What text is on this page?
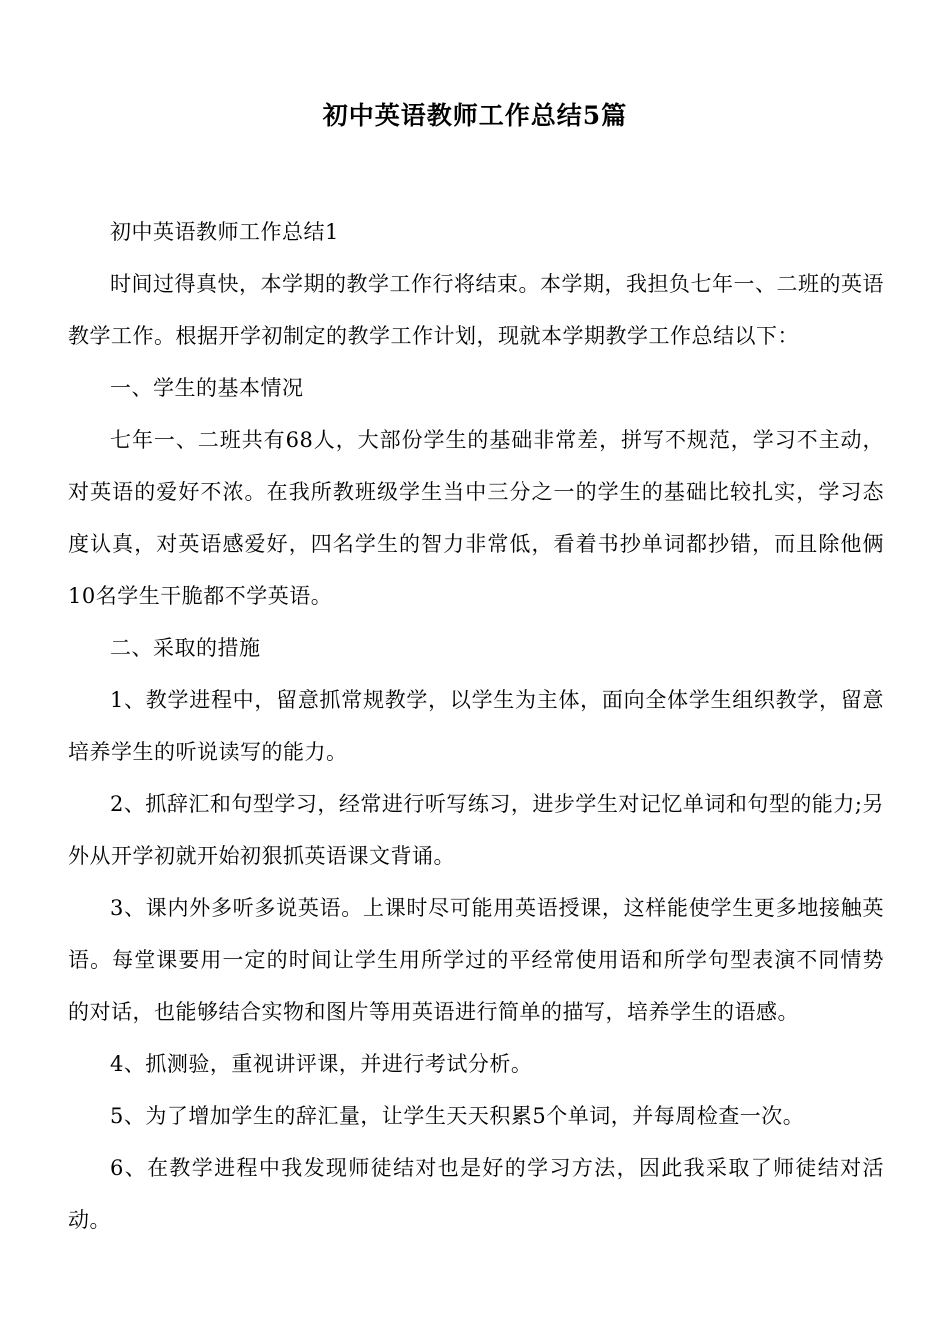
初中英语教师工作总结5篇

初中英语教师工作总结1

时间过得真快，本学期的教学工作行将结束。本学期，我担负七年一、二班的英语教学工作。根据开学初制定的教学工作计划，现就本学期教学工作总结以下：

一、学生的基本情况

七年一、二班共有68人，大部份学生的基础非常差，拼写不规范，学习不主动，对英语的爱好不浓。在我所教班级学生当中三分之一的学生的基础比较扎实，学习态度认真，对英语感爱好，四名学生的智力非常低，看着书抄单词都抄错，而且除他俩10名学生干脆都不学英语。

二、采取的措施

1、教学进程中，留意抓常规教学，以学生为主体，面向全体学生组织教学，留意培养学生的听说读写的能力。

2、抓辞汇和句型学习，经常进行听写练习，进步学生对记忆单词和句型的能力;另外从开学初就开始初狠抓英语课文背诵。

3、课内外多听多说英语。上课时尽可能用英语授课，这样能使学生更多地接触英语。每堂课要用一定的时间让学生用所学过的平经常使用语和所学句型表演不同情势的对话，也能够结合实物和图片等用英语进行简单的描写，培养学生的语感。

4、抓测验，重视讲评课，并进行考试分析。

5、为了增加学生的辞汇量，让学生天天积累5个单词，并每周检查一次。

6、在教学进程中我发现师徒结对也是好的学习方法，因此我采取了师徒结对活动。
